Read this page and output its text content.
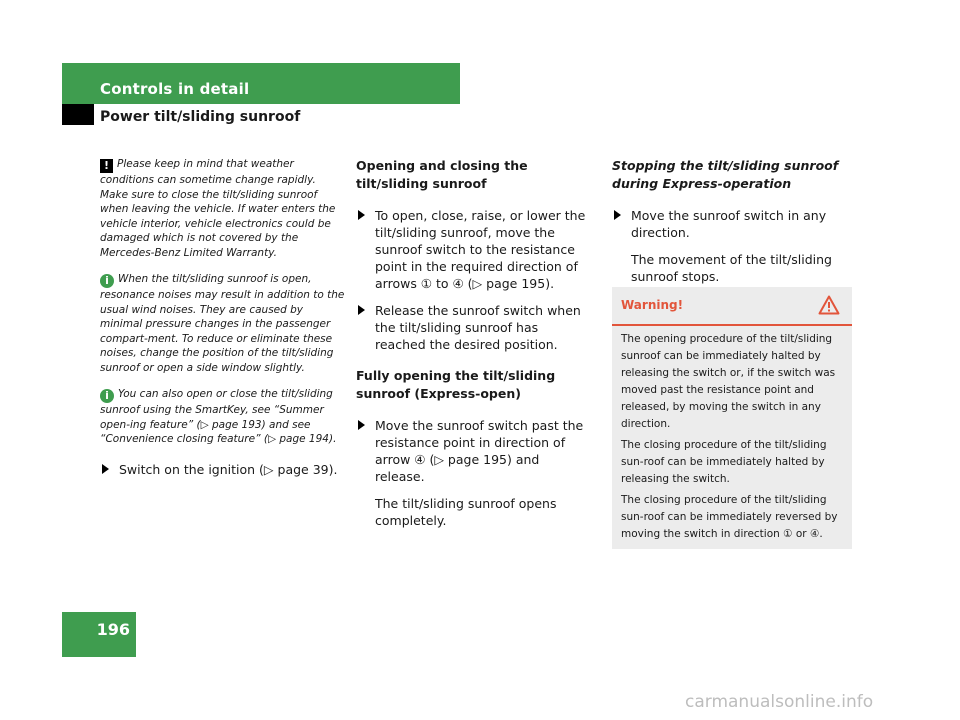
Controls in detail
Power tilt/sliding sunroof
! Please keep in mind that weather conditions can sometime change rapidly. Make sure to close the tilt/sliding sunroof when leaving the vehicle. If water enters the vehicle interior, vehicle electronics could be damaged which is not covered by the Mercedes-Benz Limited Warranty.
i When the tilt/sliding sunroof is open, resonance noises may result in addition to the usual wind noises. They are caused by minimal pressure changes in the passenger compart-ment. To reduce or eliminate these noises, change the position of the tilt/sliding sunroof or open a side window slightly.
i You can also open or close the tilt/sliding sunroof using the SmartKey, see “Summer open-ing feature” (▷ page 193) and see “Convenience closing feature” (▷ page 194).
Switch on the ignition (▷ page 39).
Opening and closing the tilt/sliding sunroof
To open, close, raise, or lower the tilt/sliding sunroof, move the sunroof switch to the resistance point in the required direction of arrows ① to ④ (▷ page 195).
Release the sunroof switch when the tilt/sliding sunroof has reached the desired position.
Fully opening the tilt/sliding sunroof (Express-open)
Move the sunroof switch past the resistance point in direction of arrow ④ (▷ page 195) and release.
The tilt/sliding sunroof opens completely.
Stopping the tilt/sliding sunroof during Express-operation
Move the sunroof switch in any direction.
The movement of the tilt/sliding sunroof stops.
Warning!

The opening procedure of the tilt/sliding sunroof can be immediately halted by releasing the switch or, if the switch was moved past the resistance point and released, by moving the switch in any direction.

The closing procedure of the tilt/sliding sun-roof can be immediately halted by releasing the switch.

The closing procedure of the tilt/sliding sun-roof can be immediately reversed by moving the switch in direction ① or ④.

196
carmanualsonline.info
